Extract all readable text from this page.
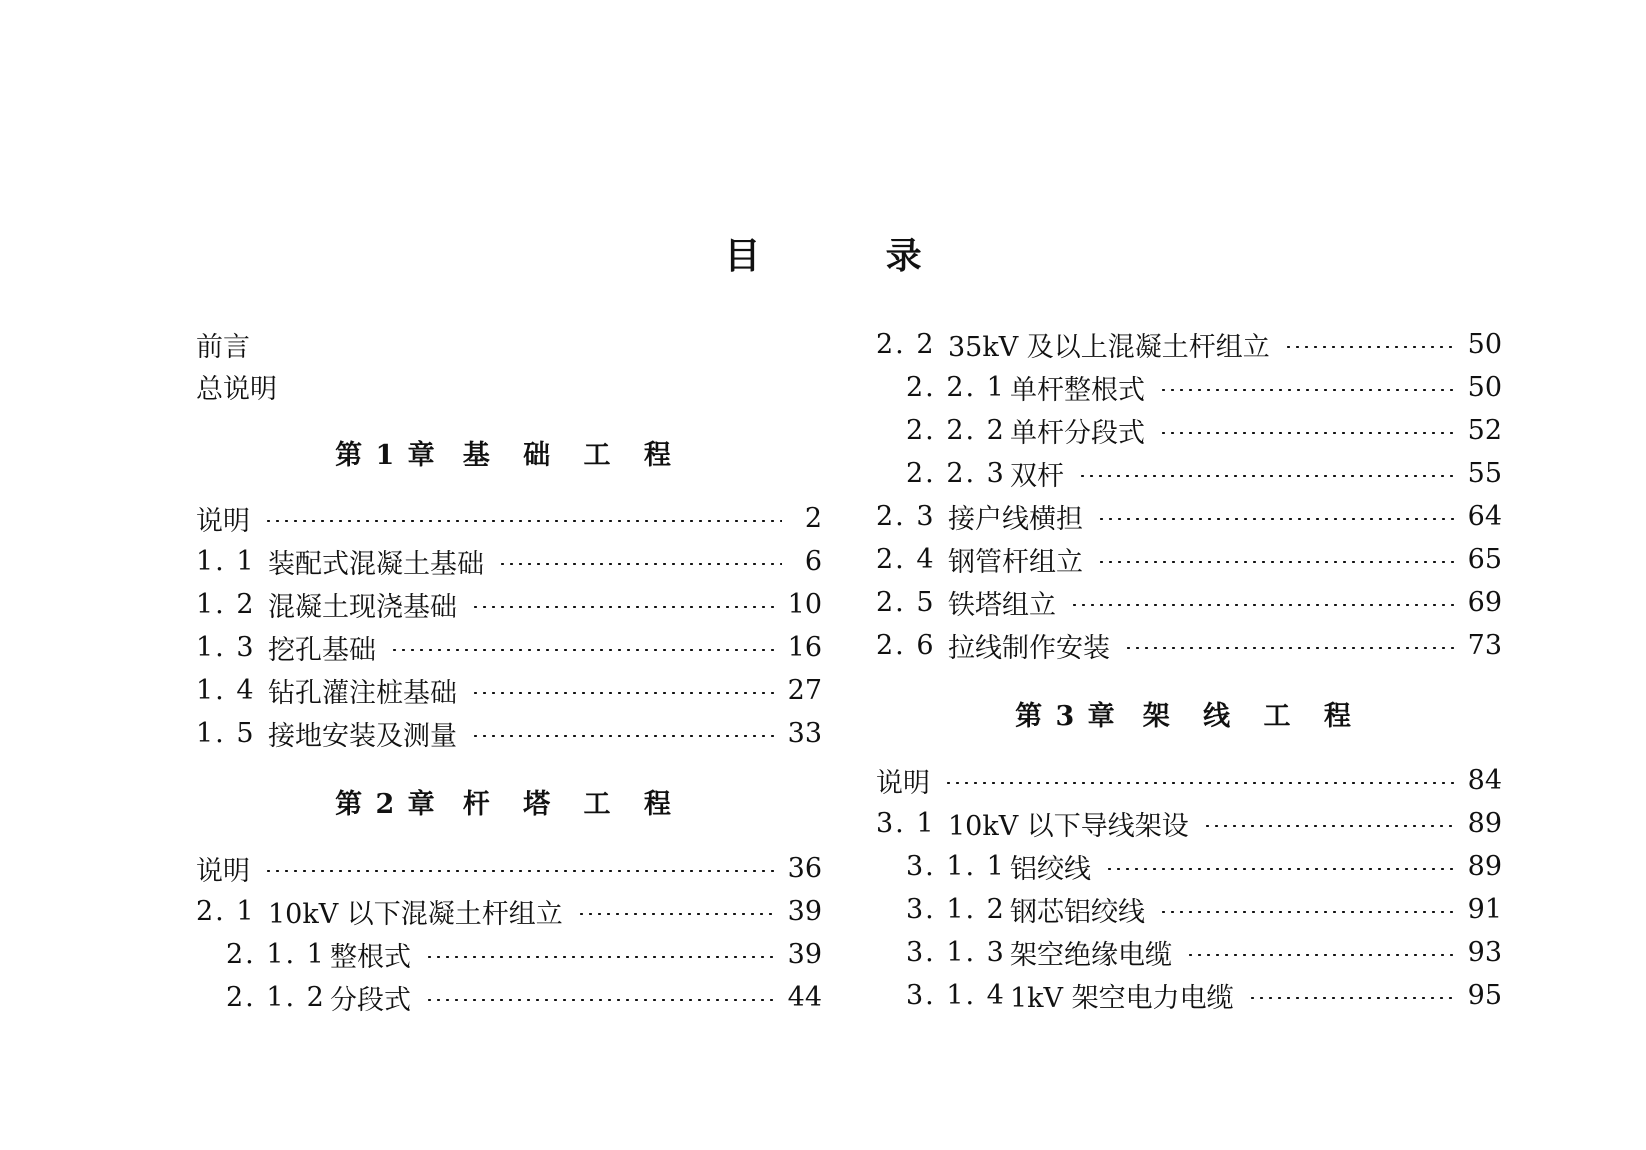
目          录
前言
总说明
第 1 章 基 础 工 程
说明	2
1. 1 装配式混凝土基础	6
1. 2 混凝土现浇基础	10
1. 3 挖孔基础	16
1. 4 钻孔灌注桩基础	27
1. 5 接地安装及测量	33
第 2 章 杆 塔 工 程
说明	36
2. 1 10kV 以下混凝土杆组立	39
2. 1. 1 整根式	39
2. 1. 2 分段式	44
2. 2 35kV 及以上混凝土杆组立	50
2. 2. 1 单杆整根式	50
2. 2. 2 单杆分段式	52
2. 2. 3 双杆	55
2. 3 接户线横担	64
2. 4 钢管杆组立	65
2. 5 铁塔组立	69
2. 6 拉线制作安装	73
第 3 章 架 线 工 程
说明	84
3. 1 10kV 以下导线架设	89
3. 1. 1 铝绞线	89
3. 1. 2 钢芯铝绞线	91
3. 1. 3 架空绝缘电缆	93
3. 1. 4 1kV 架空电力电缆	95
